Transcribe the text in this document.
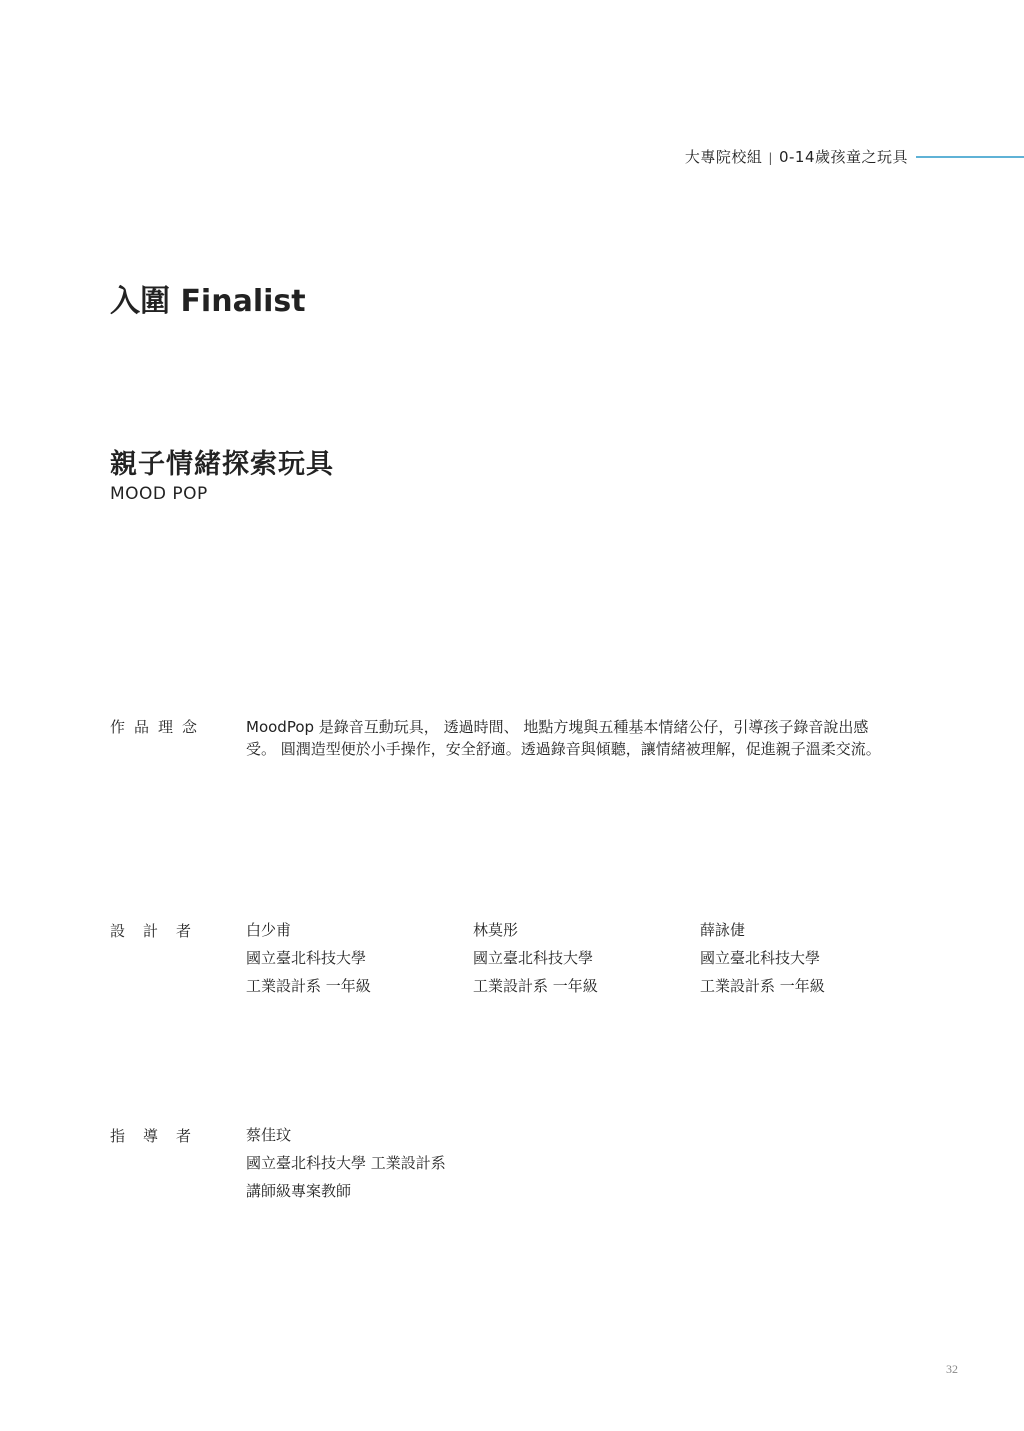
大專院校組 | 0-14歲孩童之玩具
入圍 Finalist
親子情緒探索玩具
MOOD POP
作品理念	MoodPop 是錄音互動玩具， 透過時間、 地點方塊與五種基本情緒公仔，引導孩子錄音說出感受。 圓潤造型便於小手操作，安全舒適。透過錄音與傾聽，讓情緒被理解，促進親子溫柔交流。
設計者 白少甫
國立臺北科技大學
工業設計系 一年級
林莫彤
國立臺北科技大學
工業設計系 一年級
薛詠倢
國立臺北科技大學
工業設計系 一年級
指導者 蔡佳玟
國立臺北科技大學 工業設計系
講師級專案教師
32
